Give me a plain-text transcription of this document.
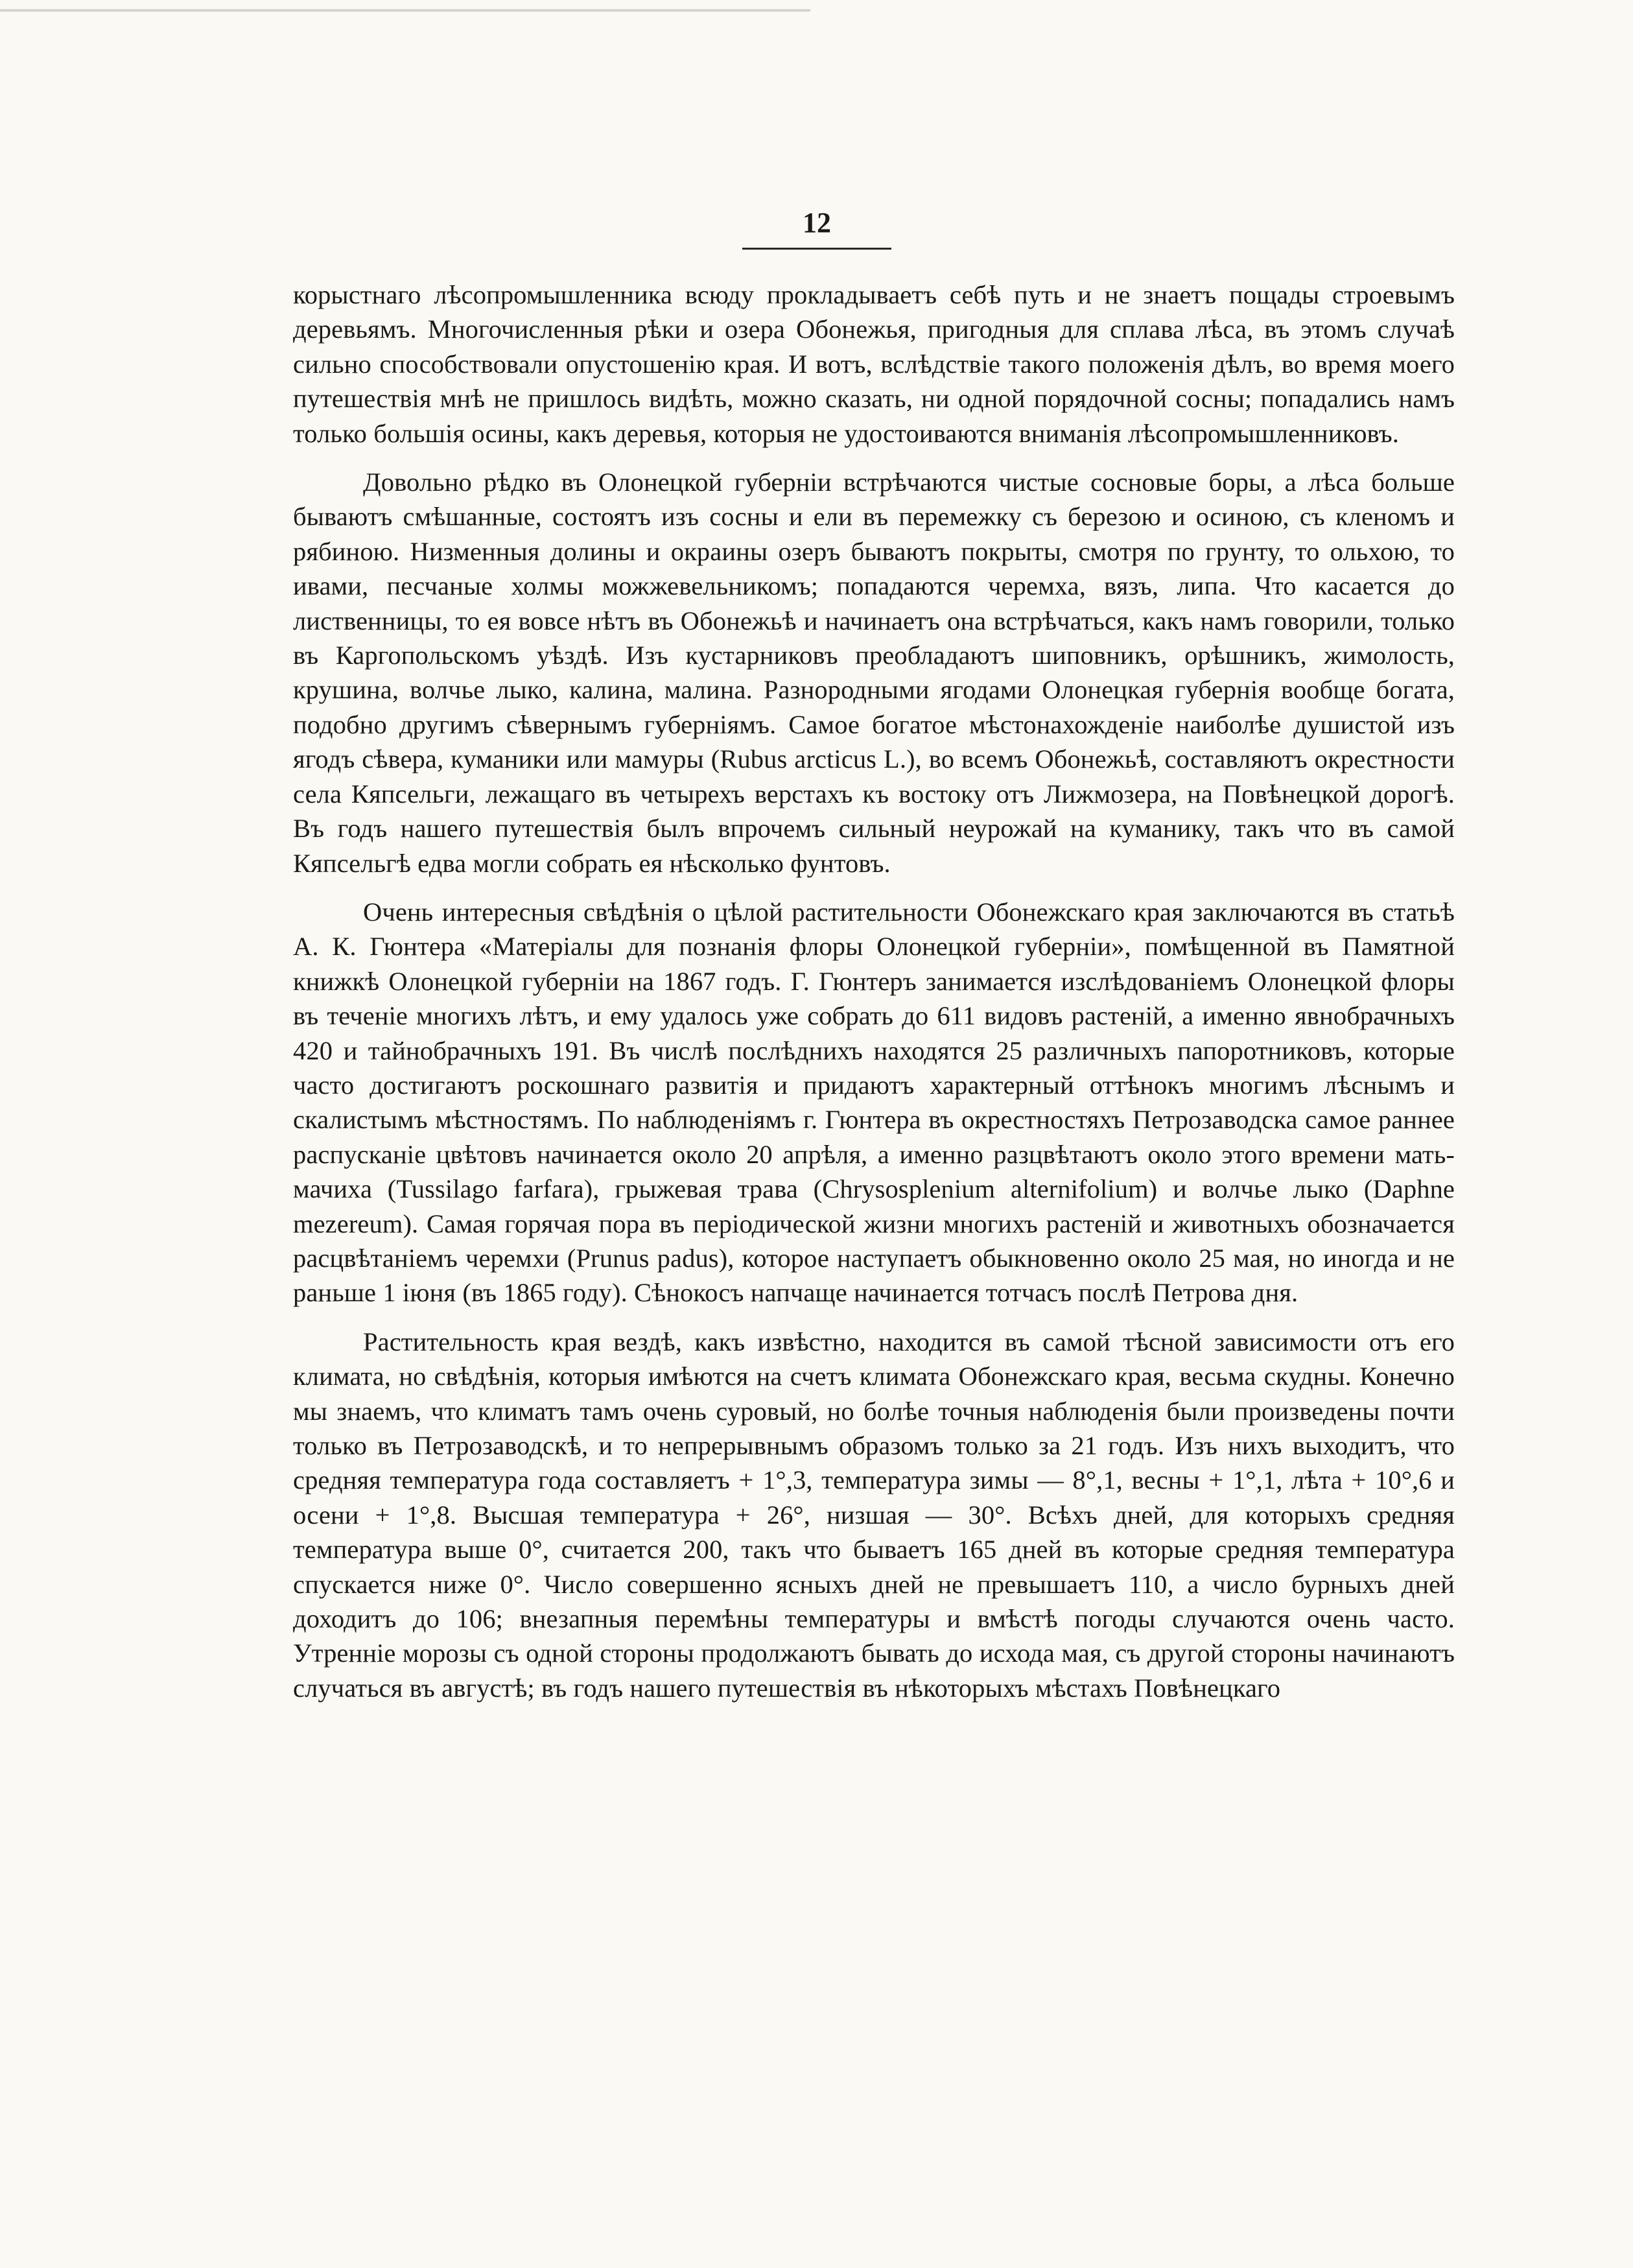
12

корыстнаго лѣсопромышленника всюду прокладываетъ себѣ путь и не знаетъ пощады строевымъ деревьямъ. Многочисленныя рѣки и озера Обонежья, пригодныя для сплава лѣса, въ этомъ случаѣ сильно способствовали опустошенію края. И вотъ, вслѣдствіе такого положенія дѣлъ, во время моего путешествія мнѣ не пришлось видѣть, можно сказать, ни одной порядочной сосны; попадались намъ только большія осины, какъ деревья, которыя не удостоиваются вниманія лѣсопромышленниковъ.

Довольно рѣдко въ Олонецкой губерніи встрѣчаются чистые сосновые боры, а лѣса больше бываютъ смѣшанные, состоятъ изъ сосны и ели въ перемежку съ березою и осиною, съ кленомъ и рябиною. Низменныя долины и окраины озеръ бываютъ покрыты, смотря по грунту, то ольхою, то ивами, песчаные холмы можжевельникомъ; попадаются черемха, вязъ, липа. Что касается до лиственницы, то ея вовсе нѣтъ въ Обонежьѣ и начинаетъ она встрѣчаться, какъ намъ говорили, только въ Каргопольскомъ уѣздѣ. Изъ кустарниковъ преобладаютъ шиповникъ, орѣшникъ, жимолость, крушина, волчье лыко, калина, малина. Разнородными ягодами Олонецкая губернія вообще богата, подобно другимъ сѣвернымъ губерніямъ. Самое богатое мѣстонахожденіе наиболѣе душистой изъ ягодъ сѣвера, куманики или мамуры (Rubus arcticus L.), во всемъ Обонежьѣ, составляютъ окрестности села Кяпсельги, лежащаго въ четырехъ верстахъ къ востоку отъ Лижмозера, на Повѣнецкой дорогѣ. Въ годъ нашего путешествія былъ впрочемъ сильный неурожай на куманику, такъ что въ самой Кяпсельгѣ едва могли собрать ея нѣсколько фунтовъ.

Очень интересныя свѣдѣнія о цѣлой растительности Обонежскаго края заключаются въ статьѣ А. К. Гюнтера «Матеріалы для познанія флоры Олонецкой губерніи», помѣщенной въ Памятной книжкѣ Олонецкой губерніи на 1867 годъ. Г. Гюнтеръ занимается изслѣдованіемъ Олонецкой флоры въ теченіе многихъ лѣтъ, и ему удалось уже собрать до 611 видовъ растеній, а именно явнобрачныхъ 420 и тайнобрачныхъ 191. Въ числѣ послѣднихъ находятся 25 различныхъ папоротниковъ, которые часто достигаютъ роскошнаго развитія и придаютъ характерный оттѣнокъ многимъ лѣснымъ и скалистымъ мѣстностямъ. По наблюденіямъ г. Гюнтера въ окрестностяхъ Петрозаводска самое раннее распусканіе цвѣтовъ начинается около 20 апрѣля, а именно разцвѣтаютъ около этого времени мать-мачиха (Tussilago farfara), грыжевая трава (Chrysosplenium alternifolium) и волчье лыко (Daphne mezereum). Самая горячая пора въ періодической жизни многихъ растеній и животныхъ обозначается расцвѣтаніемъ черемхи (Prunus padus), которое наступаетъ обыкновенно около 25 мая, но иногда и не раньше 1 іюня (въ 1865 году). Сѣнокосъ напчаще начинается тотчасъ послѣ Петрова дня.

Растительность края вездѣ, какъ извѣстно, находится въ самой тѣсной зависимости отъ его климата, но свѣдѣнія, которыя имѣются на счетъ климата Обонежскаго края, весьма скудны. Конечно мы знаемъ, что климатъ тамъ очень суровый, но болѣе точныя наблюденія были произведены почти только въ Петрозаводскѣ, и то непрерывнымъ образомъ только за 21 годъ. Изъ нихъ выходитъ, что средняя температура года составляетъ + 1°,3, температура зимы — 8°,1, весны + 1°,1, лѣта + 10°,6 и осени + 1°,8. Высшая температура + 26°, низшая — 30°. Всѣхъ дней, для которыхъ средняя температура выше 0°, считается 200, такъ что бываетъ 165 дней въ которые средняя температура спускается ниже 0°. Число совершенно ясныхъ дней не превышаетъ 110, а число бурныхъ дней доходитъ до 106; внезапныя перемѣны температуры и вмѣстѣ погоды случаются очень часто. Утренніе морозы съ одной стороны продолжаютъ бывать до исхода мая, съ другой стороны начинаютъ случаться въ августѣ; въ годъ нашего путешествія въ нѣкоторыхъ мѣстахъ Повѣнецкаго
